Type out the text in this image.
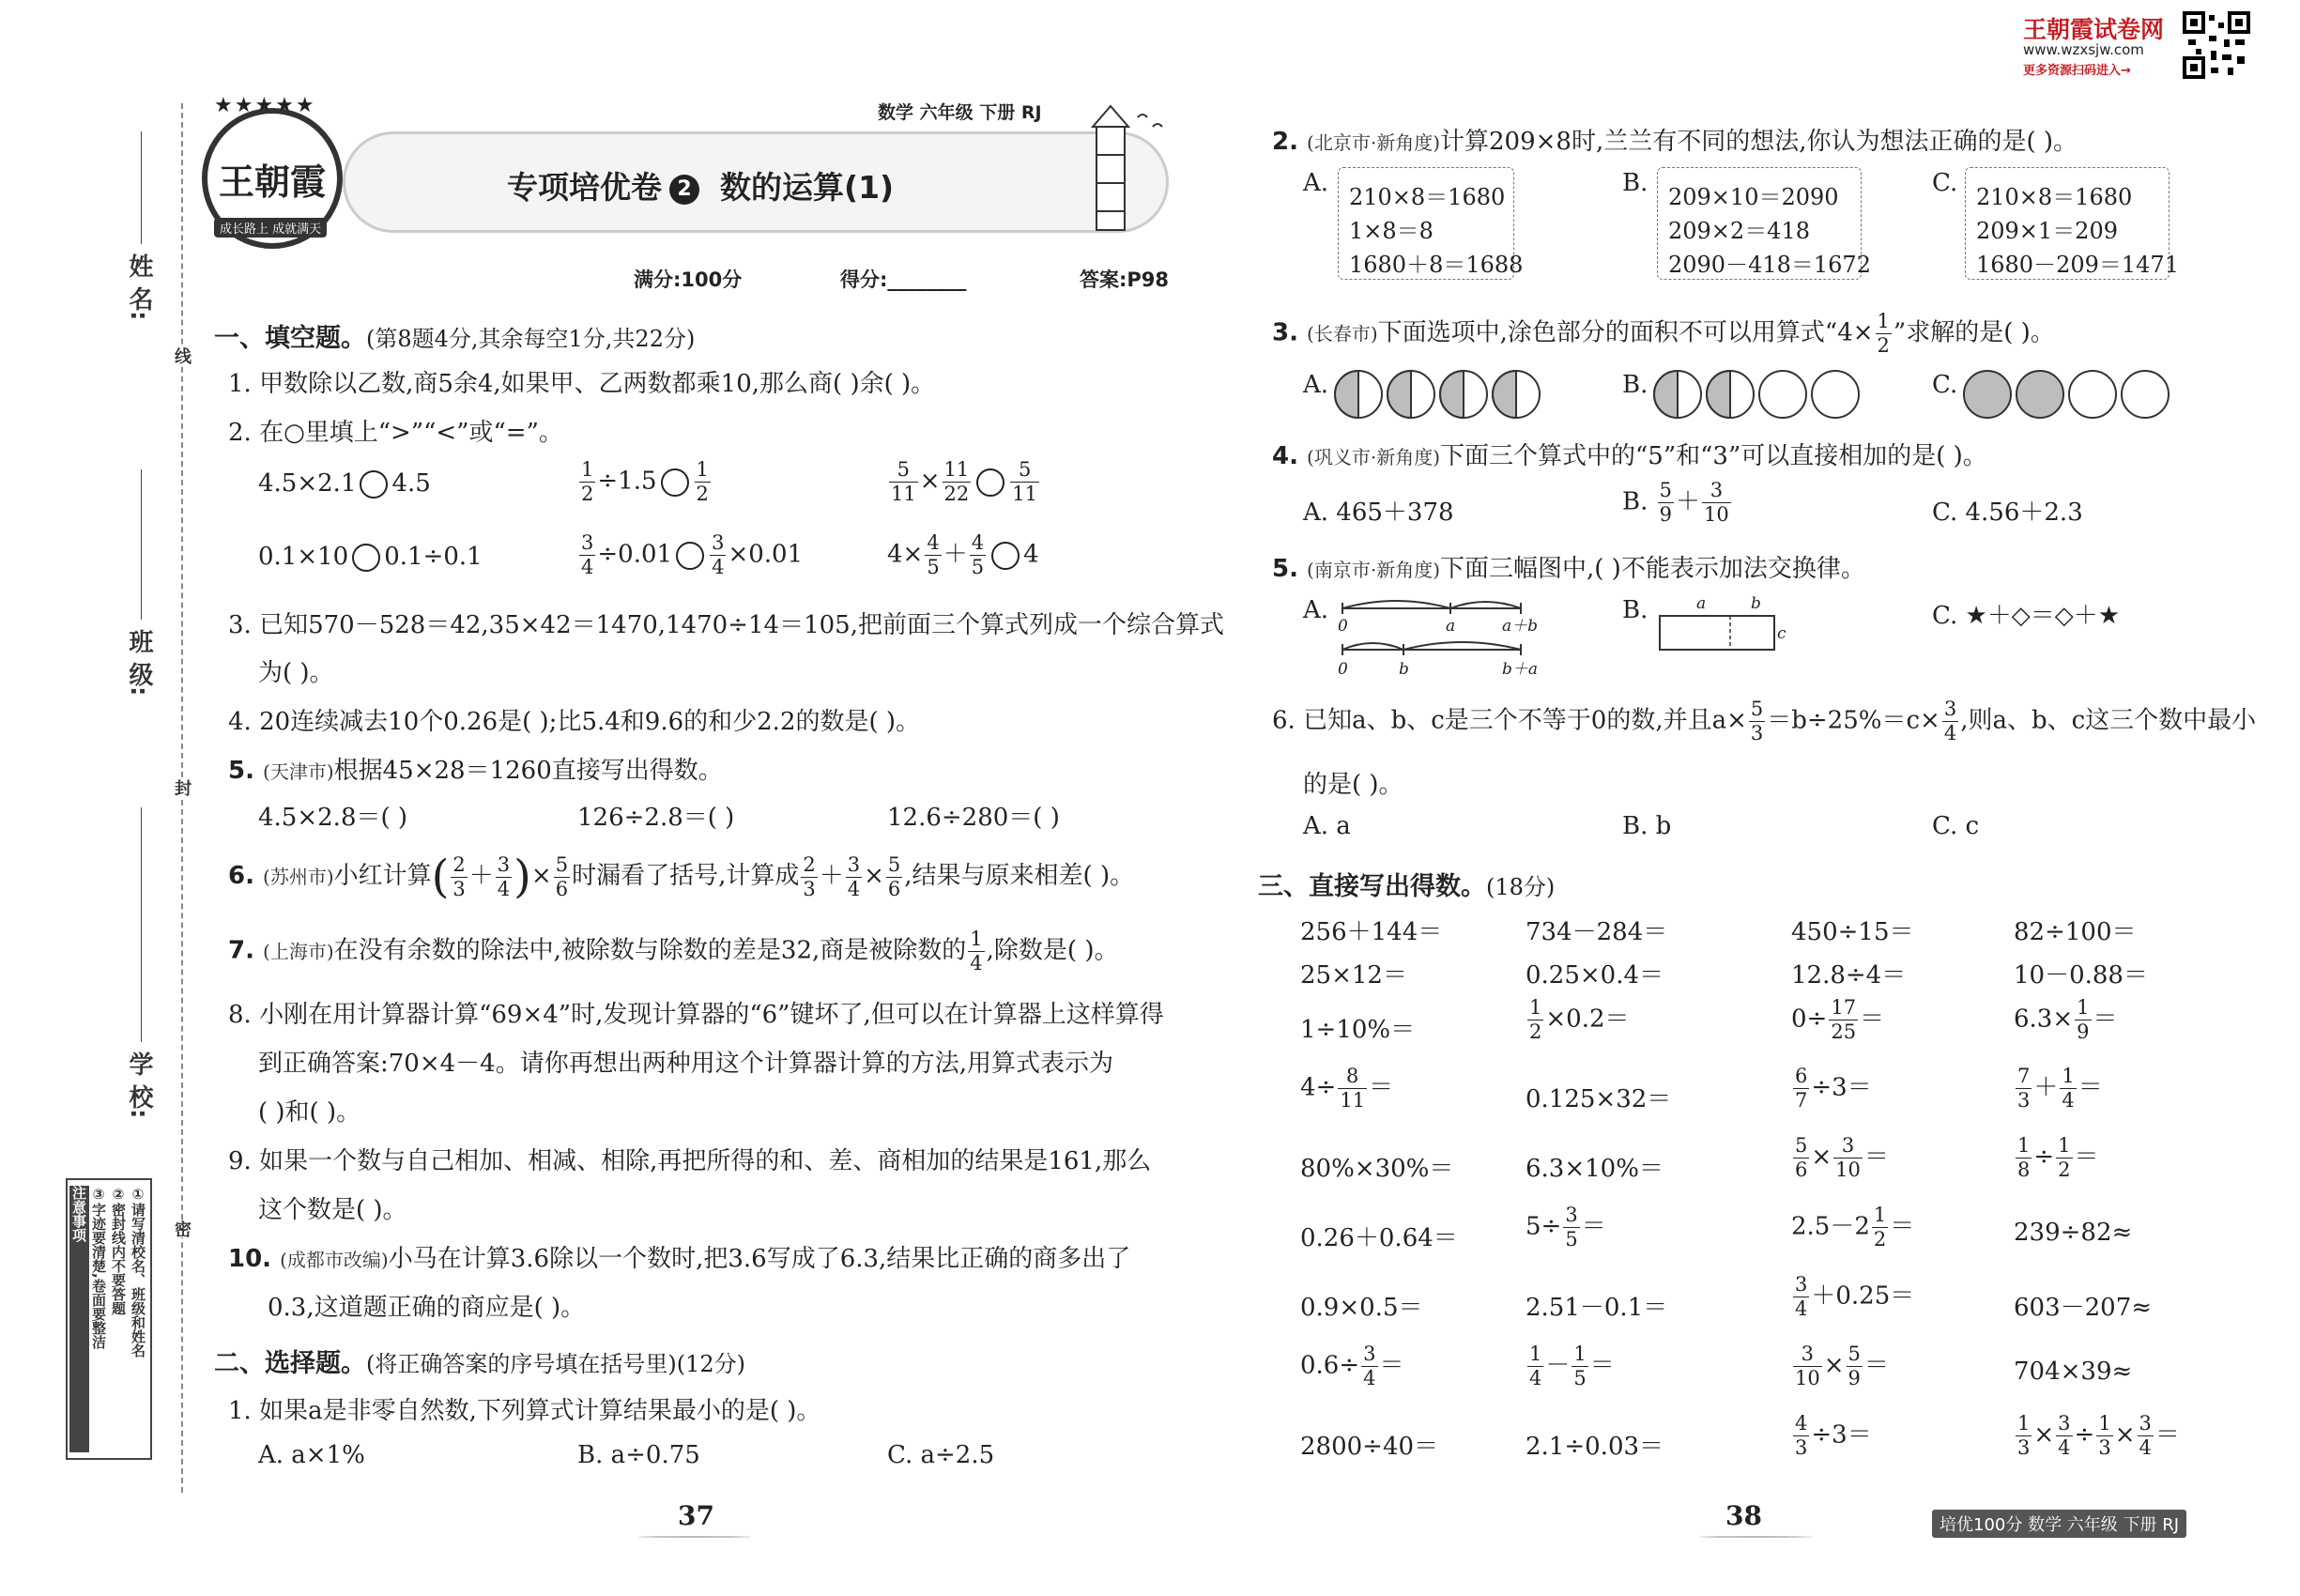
姓 名:
班 级:
学 校:
线
封
密
①请写清校名、班级和姓名
②密封线内不要答题
③字迹要清楚,卷面要整洁
注意事项
王朝霞
★★★★★
成长路上 成就满天
数学 六年级 下册 RJ
专项培优卷 2 数的运算(1)
满分:100分	得分:________	答案:P98
一、填空题。(第8题4分,其余每空1分,共22分)
1. 甲数除以乙数,商5余4,如果甲、乙两数都乘10,那么商( )余( )。
2. 在○里填上“>”“<”或“=”。
4.5×2.1 4.5	$\frac{1}{2} \div 1.5 \frac{1}{2}$	$\frac{5}{11} \times \frac{11}{22} \frac{5}{11}$
0.1×10 0.1÷0.1	$\frac{3}{4} \div 0.01 \frac{3}{4} \times 0.01$	$4\times \frac{4}{5} + \frac{4}{5} 4$
3. 已知570－528＝42,35×42＝1470,1470÷14＝105,把前面三个算式列成一个综合算式
为( )。
4. 20连续减去10个0.26是( );比5.4和9.6的和少2.2的数是( )。
5. (天津市)根据45×28＝1260直接写出得数。
4.5×2.8＝( )	126÷2.8＝( )	12.6÷280＝( )
6. (苏州市)小红计算( $\frac{2}{3} + \frac{3}{4}$ )× $\frac{5}{6}$ 时漏看了括号,计算成 $\frac{2}{3} + \frac{3}{4} \times \frac{5}{6}$ ,结果与原来相差( )。
7. (上海市)在没有余数的除法中,被除数与除数的差是32,商是被除数的 $\frac{1}{4}$ ,除数是( )。
8. 小刚在用计算器计算“69×4”时,发现计算器的“6”键坏了,但可以在计算器上这样算得
到正确答案:70×4－4。请你再想出两种用这个计算器计算的方法,用算式表示为
( )和( )。
9. 如果一个数与自己相加、相减、相除,再把所得的和、差、商相加的结果是161,那么
这个数是( )。
10. (成都市改编)小马在计算3.6除以一个数时,把3.6写成了6.3,结果比正确的商多出了
0.3,这道题正确的商应是( )。
二、选择题。(将正确答案的序号填在括号里)(12分)
1. 如果a是非零自然数,下列算式计算结果最小的是( )。
A. a×1%	B. a÷0.75	C. a÷2.5
37
王朝霞试卷网
www.wzxsjw.com
更多资源扫码进入→
2. (北京市·新角度)计算209×8时,兰兰有不同的想法,你认为想法正确的是( )。
A. 210×8＝1680
1×8＝8
1680＋8＝1688
B. 209×10＝2090
209×2＝418
2090－418＝1672
C. 210×8＝1680
209×1＝209
1680－209＝1471
3. (长春市)下面选项中,涂色部分的面积不可以用算式“$4\times \frac{1}{2}$ ”求解的是( )。
A.	B.	C.
4. (巩义市·新角度)下面三个算式中的“5”和“3”可以直接相加的是( )。
A. 465＋378	B. $\frac{5}{9} + \frac{3}{10}$	C. 4.56＋2.3
5. (南京市·新角度)下面三幅图中,( )不能表示加法交换律。
A.
0	a	a＋b
0	b	b＋a
B.	a	b
c
C. ★＋◇＝◇＋★
6. 已知a、b、c是三个不等于0的数,并且$a\times \frac{5}{3} =b\div 25\%=c\times \frac{3}{4}$ ,则a、b、c这三个数中最小
的是( )。
A. a	B. b	C. c
三、直接写出得数。(18分)
256＋144＝	734－284＝	450÷15＝	82÷100＝
25×12＝	0.25×0.4＝	12.8÷4＝	10－0.88＝
1÷10%＝	$\frac{1}{2} \times 0.2=$	$0\div \frac{17}{25}$ ＝	$6.3\times \frac{1}{9}$ ＝
$4\div \frac{8}{11}$ ＝	0.125×32＝	$\frac{6}{7} \div 3=$	$\frac{7}{3} + \frac{1}{4}$ ＝
80%×30%＝	6.3×10%＝	$\frac{5}{6} \times \frac{3}{10}$ ＝	$\frac{1}{8} \div \frac{1}{2}$ ＝
0.26＋0.64＝	$5\div \frac{3}{5}$ ＝	$2.5-2 \frac{1}{2}$ ＝	239÷82≈
0.9×0.5＝	2.51－0.1＝	$\frac{3}{4} +0.25=$	603－207≈
$0.6\div \frac{3}{4}$ ＝	$\frac{1}{4} - \frac{1}{5}$ ＝	$\frac{3}{10} \times \frac{5}{9}$ ＝	704×39≈
2800÷40＝	2.1÷0.03＝	$\frac{4}{3} \div 3=$	$\frac{1}{3} \times \frac{3}{4} \div \frac{1}{3} \times \frac{3}{4}$ ＝
38	培优100分 数学 六年级 下册 RJ
